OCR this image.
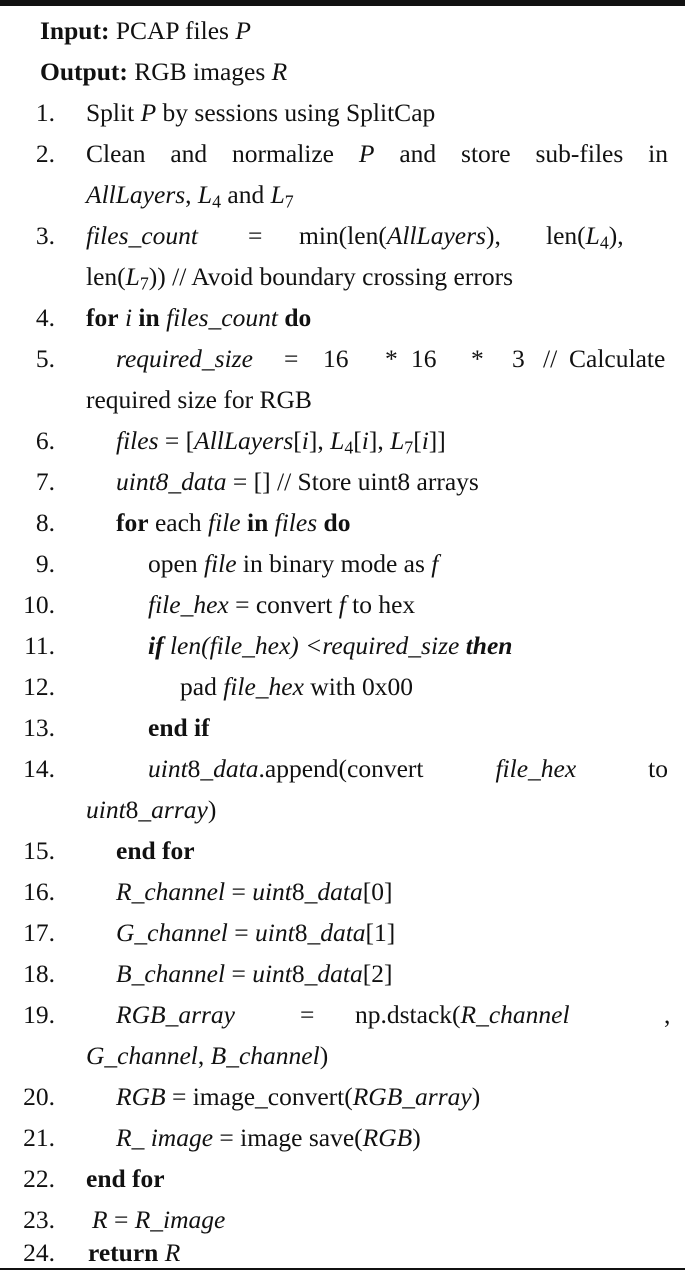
Input: PCAP files P
Output: RGB images R
1. Split P by sessions using SplitCap
2. Clean and normalize P and store sub-files in
AllLayers, $L_4$ and $L_7$
3. files_count = min(len(AllLayers), $len(L_4)$,
$len(L_7)$) // Avoid boundary crossing errors
4. for i in files_count do
5. required_size = 16 * 16 * 3 // Calculate
required size for RGB
6. files = [AllLayers[i], $L_4[i]$, $L_7[i]$]
7. uint8_data = [] // Store uint8 arrays
8. for each file in files do
9.	open file in binary mode as f
10.	file_hex = convert f to hex
11.	if len(file_hex) <required_size then
12.	pad file_hex with 0x00
13.	end if
14.	uint8_data.append(convert file_hex to
uint8_array)
15. end for
16. R_channel = uint8_data[0]
17. G_channel = uint8_data[1]
18. B_channel = uint8_data[2]
19. RGB_array	= np.dstack(R_channel	,
G_channel, B_channel)
20. RGB = image_convert(RGB_array)
21. R_ image = image save(RGB)
22. end for
23. R = R_image
24. return R
